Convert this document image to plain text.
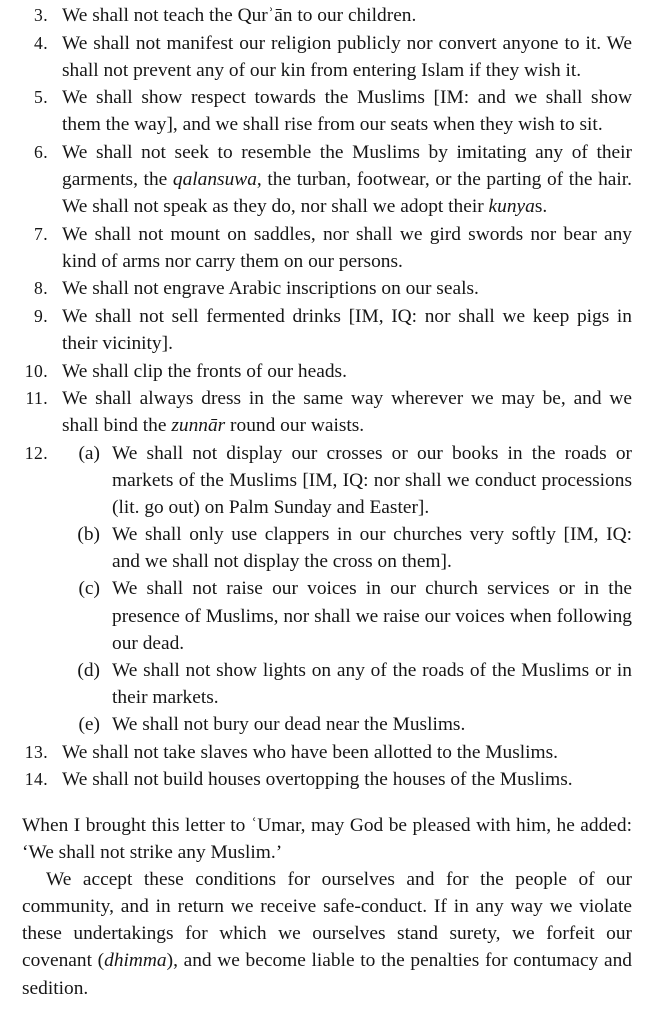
3. We shall not teach the Qurʾān to our children.
4. We shall not manifest our religion publicly nor convert anyone to it. We shall not prevent any of our kin from entering Islam if they wish it.
5. We shall show respect towards the Muslims [IM: and we shall show them the way], and we shall rise from our seats when they wish to sit.
6. We shall not seek to resemble the Muslims by imitating any of their garments, the qalansuwa, the turban, footwear, or the parting of the hair. We shall not speak as they do, nor shall we adopt their kunyas.
7. We shall not mount on saddles, nor shall we gird swords nor bear any kind of arms nor carry them on our persons.
8. We shall not engrave Arabic inscriptions on our seals.
9. We shall not sell fermented drinks [IM, IQ: nor shall we keep pigs in their vicinity].
10. We shall clip the fronts of our heads.
11. We shall always dress in the same way wherever we may be, and we shall bind the zunnār round our waists.
12.	(a) We shall not display our crosses or our books in the roads or markets of the Muslims [IM, IQ: nor shall we conduct processions (lit. go out) on Palm Sunday and Easter].
(b) We shall only use clappers in our churches very softly [IM, IQ: and we shall not display the cross on them].
(c) We shall not raise our voices in our church services or in the presence of Muslims, nor shall we raise our voices when following our dead.
(d) We shall not show lights on any of the roads of the Muslims or in their markets.
(e) We shall not bury our dead near the Muslims.
13. We shall not take slaves who have been allotted to the Muslims.
14. We shall not build houses overtopping the houses of the Muslims.

When I brought this letter to ʿUmar, may God be pleased with him, he added: ‘We shall not strike any Muslim.’

We accept these conditions for ourselves and for the people of our community, and in return we receive safe-conduct. If in any way we violate these undertakings for which we ourselves stand surety, we forfeit our covenant (dhimma), and we become liable to the penalties for contumacy and sedition.
